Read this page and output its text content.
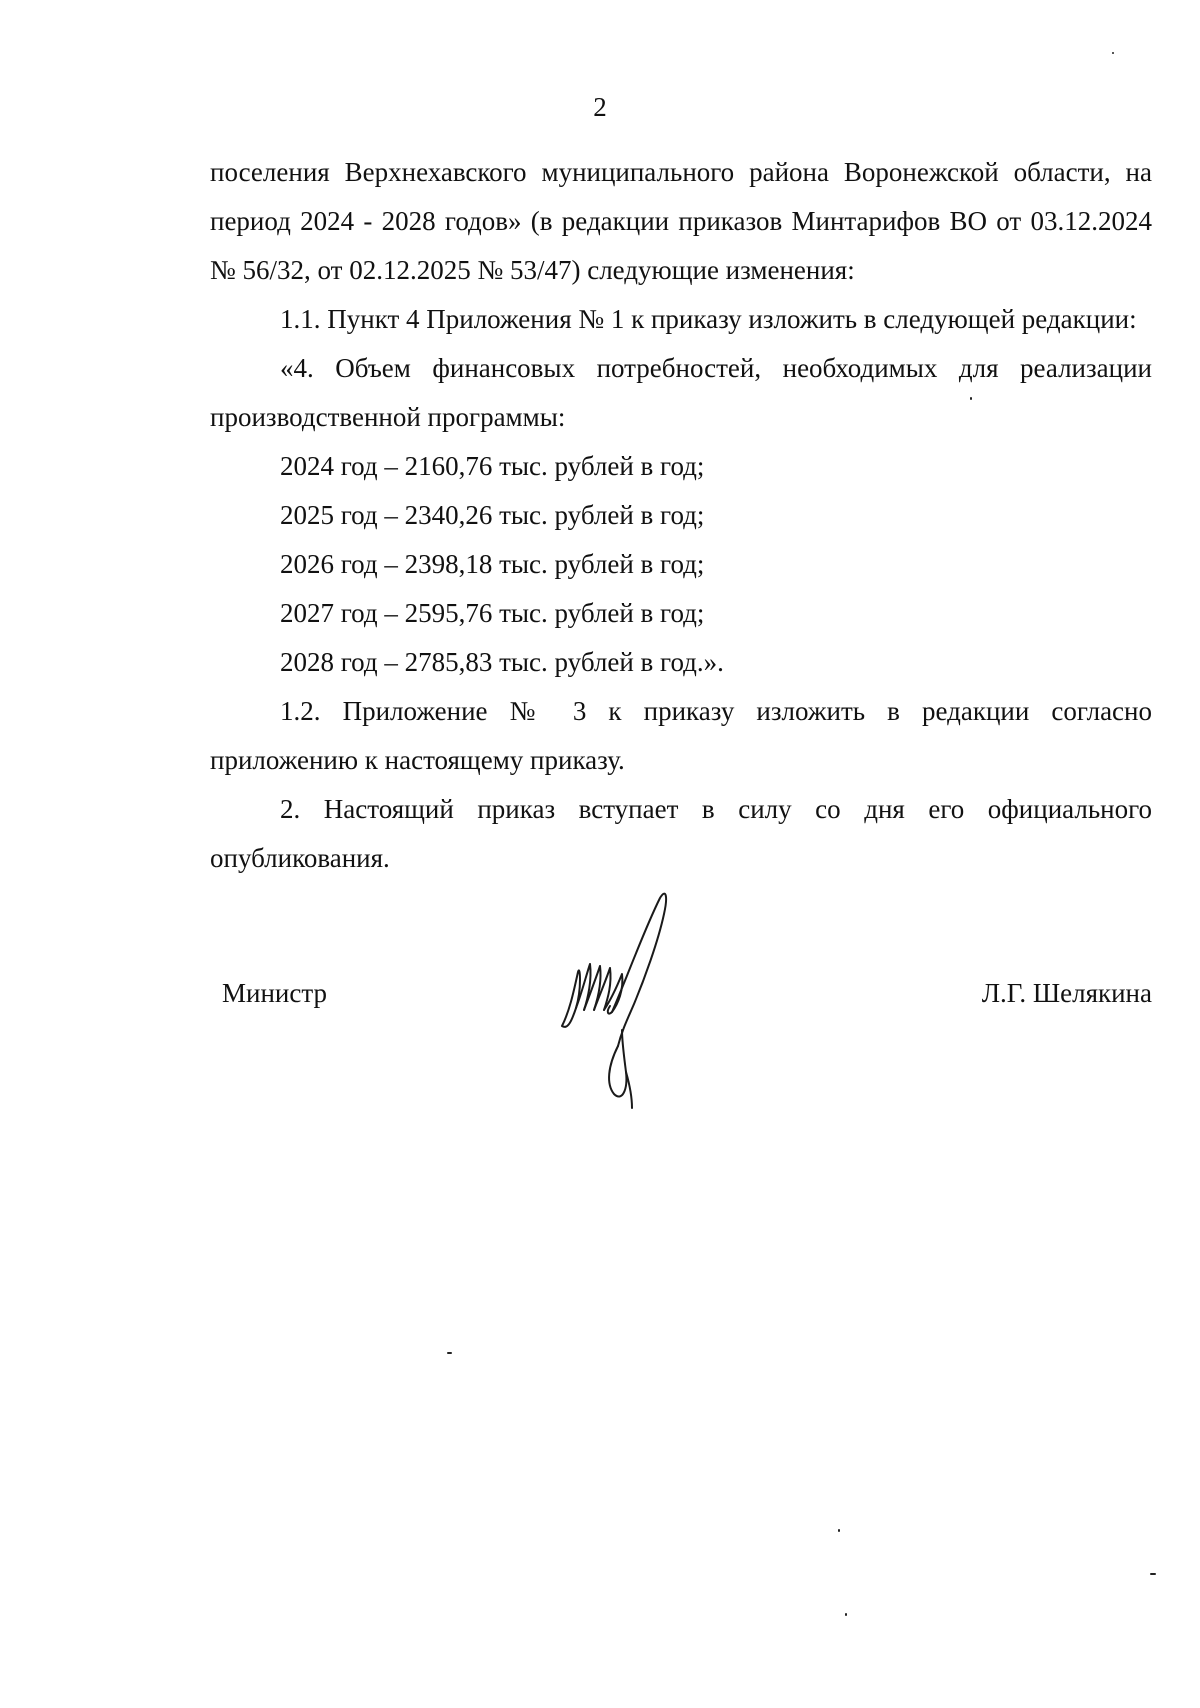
2

поселения Верхнехавского муниципального района Воронежской области, на период 2024 - 2028 годов» (в редакции приказов Минтарифов ВО от 03.12.2024 № 56/32, от 02.12.2025 № 53/47) следующие изменения:

1.1. Пункт 4 Приложения № 1 к приказу изложить в следующей редакции:

«4. Объем финансовых потребностей, необходимых для реализации производственной программы:

2024 год – 2160,76 тыс. рублей в год;

2025 год – 2340,26 тыс. рублей в год;

2026 год – 2398,18 тыс. рублей в год;

2027 год – 2595,76 тыс. рублей в год;

2028 год – 2785,83 тыс. рублей в год.».

1.2. Приложение № 3 к приказу изложить в редакции согласно приложению к настоящему приказу.

2. Настоящий приказ вступает в силу со дня его официального опубликования.

Министр	Л.Г. Шелякина
